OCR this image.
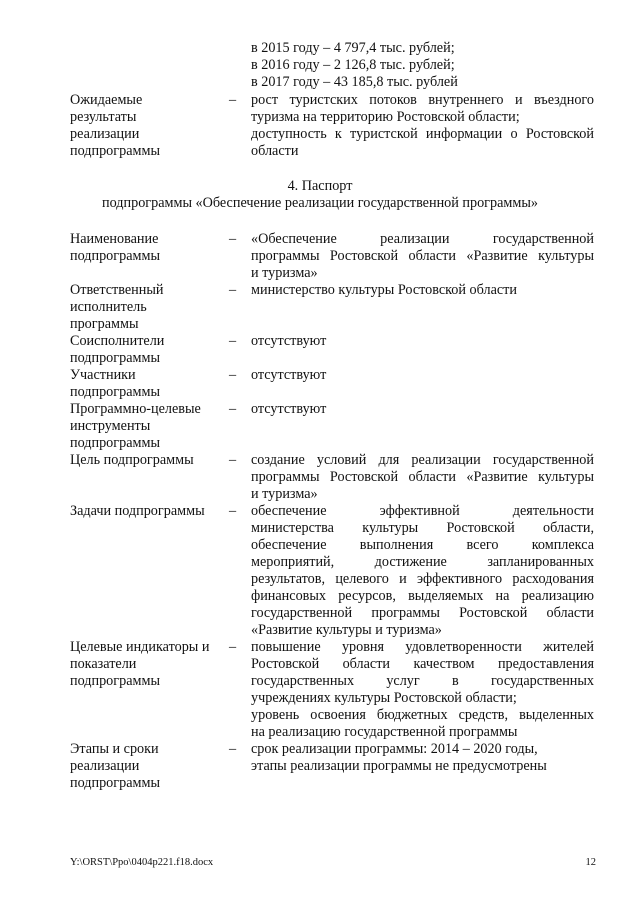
в 2015 году – 4 797,4 тыс. рублей;
в 2016 году – 2 126,8 тыс. рублей;
в 2017 году – 43 185,8 тыс. рублей
Ожидаемые
результаты
реализации
подпрограммы
– рост туристских потоков внутреннего и въездного
туризма на территорию Ростовской области;
доступность к туристской информации о Ростовской
области
4. Паспорт
подпрограммы «Обеспечение реализации государственной программы»
Наименование
подпрограммы
– «Обеспечение реализации государственной
программы Ростовской области «Развитие культуры
и туризма»
Ответственный
исполнитель
программы
– министерство культуры Ростовской области
Соисполнители
подпрограммы
– отсутствуют
Участники
подпрограммы
– отсутствуют
Программно-целевые
инструменты
подпрограммы
– отсутствуют
Цель подпрограммы – создание условий для реализации государственной
программы Ростовской области «Развитие культуры
и туризма»
Задачи подпрограммы – обеспечение эффективной деятельности
министерства культуры Ростовской области,
обеспечение выполнения всего комплекса
мероприятий, достижение запланированных
результатов, целевого и эффективного расходования
финансовых ресурсов, выделяемых на реализацию
государственной программы Ростовской области
«Развитие культуры и туризма»
Целевые индикаторы и
показатели
подпрограммы
– повышение уровня удовлетворенности жителей
Ростовской области качеством предоставления
государственных услуг в государственных
учреждениях культуры Ростовской области;
уровень освоения бюджетных средств, выделенных
на реализацию государственной программы
Этапы и сроки
реализации
подпрограммы
– срок реализации программы: 2014 – 2020 годы,
этапы реализации программы не предусмотрены
Y:\ORST\Ppo\0404p221.f18.docx	12
